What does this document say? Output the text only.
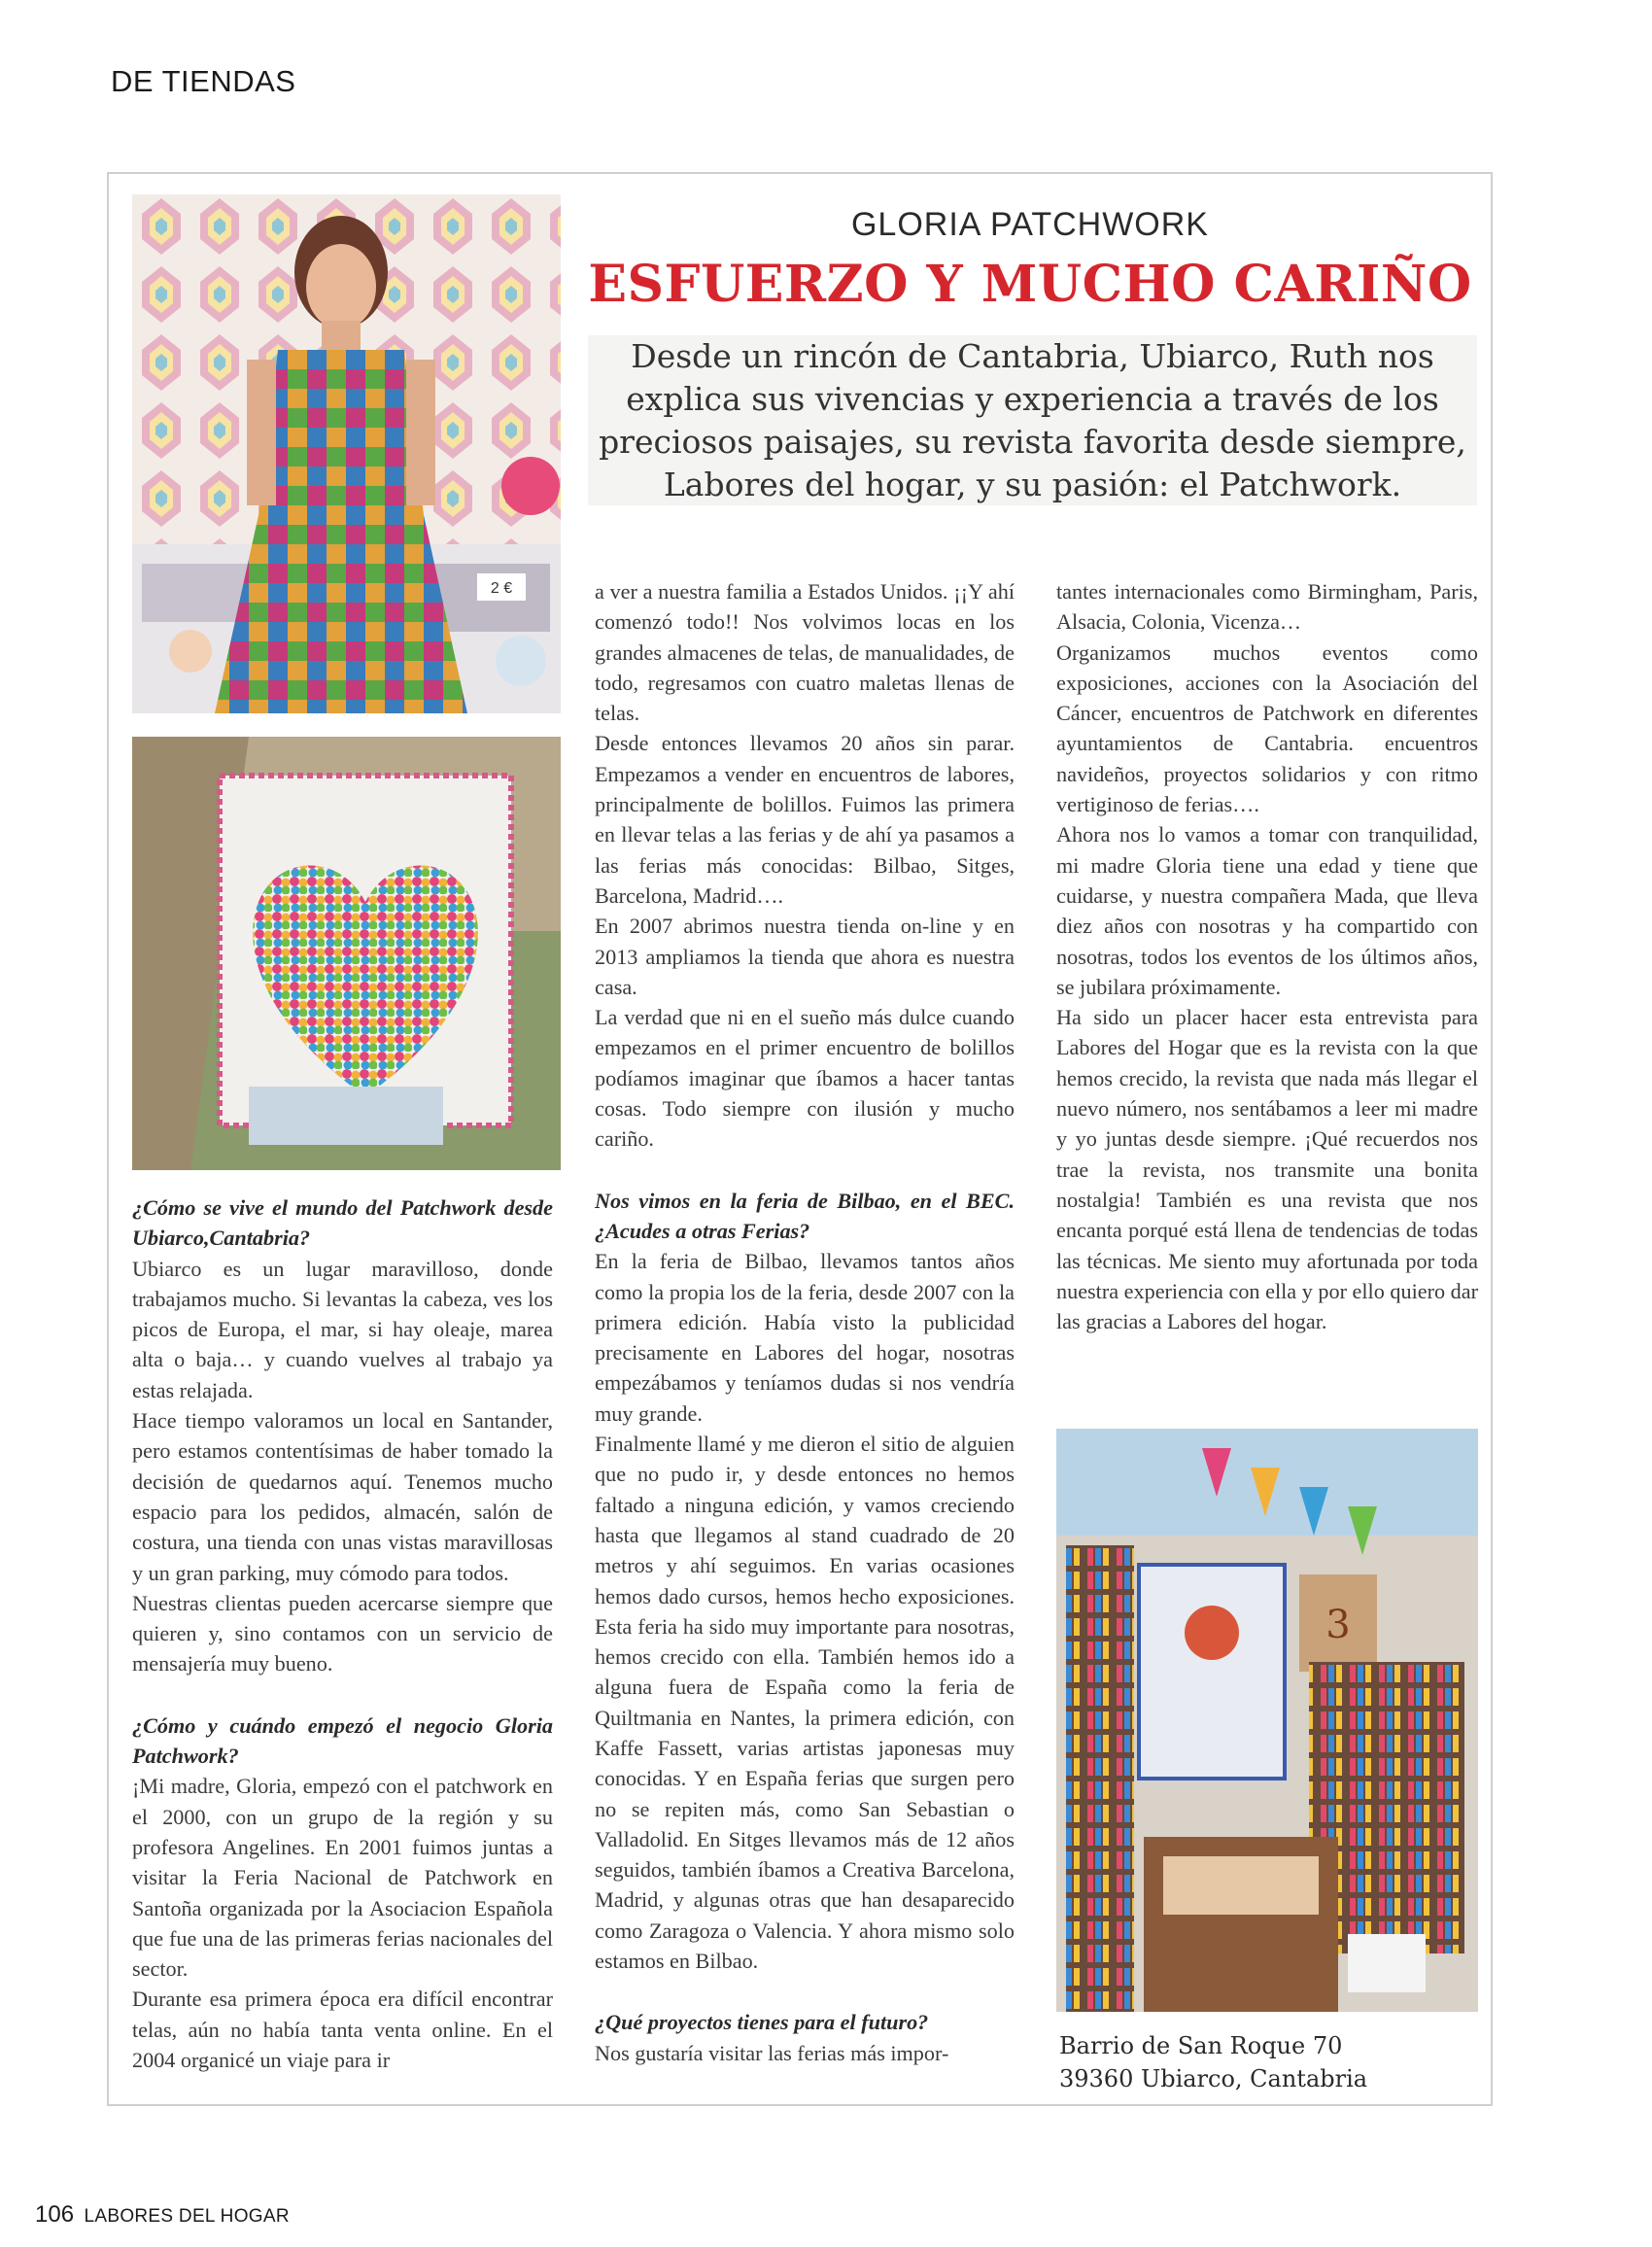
DE TIENDAS
2 €
3
GLORIA PATCHWORK
ESFUERZO Y MUCHO CARIÑO
Desde un rincón de Cantabria, Ubiarco, Ruth nos explica sus vivencias y experiencia a través de los preciosos paisajes, su revista favorita desde siempre, Labores del hogar, y su pasión: el Patchwork.

¿Cómo se vive el mundo del Patchwork desde Ubiarco,Cantabria?

Ubiarco es un lugar maravilloso, donde trabajamos mucho. Si levantas la cabeza, ves los picos de Europa, el mar, si hay oleaje, marea alta o baja… y cuando vuelves al trabajo ya estas relajada.

Hace tiempo valoramos un local en Santander, pero estamos contentísimas de haber tomado la decisión de quedarnos aquí. Tenemos mucho espacio para los pedidos, almacén, salón de costura, una tienda con unas vistas maravillosas y un gran parking, muy cómodo para todos.

Nuestras clientas pueden acercarse siempre que quieren y, sino contamos con un servicio de mensajería muy bueno.

¿Cómo y cuándo empezó el negocio Gloria Patchwork?

¡Mi madre, Gloria, empezó con el patchwork en el 2000, con un grupo de la región y su profesora Angelines. En 2001 fuimos juntas a visitar la Feria Nacional de Patchwork en Santoña organizada por la Asociacion Española que fue una de las primeras ferias nacionales del sector.

Durante esa primera época era difícil encontrar telas, aún no había tanta venta online. En el 2004 organicé un viaje para ir

a ver a nuestra familia a Estados Unidos. ¡¡Y ahí comenzó todo!! Nos volvimos locas en los grandes almacenes de telas, de manualidades, de todo, regresamos con cuatro maletas llenas de telas.

Desde entonces llevamos 20 años sin parar. Empezamos a vender en encuentros de labores, principalmente de bolillos. Fuimos las primera en llevar telas a las ferias y de ahí ya pasamos a las ferias más conocidas: Bilbao, Sitges, Barcelona, Madrid….

En 2007 abrimos nuestra tienda on-line y en 2013 ampliamos la tienda que ahora es nuestra casa.

La verdad que ni en el sueño más dulce cuando empezamos en el primer encuentro de bolillos podíamos imaginar que íbamos a hacer tantas cosas. Todo siempre con ilusión y mucho cariño.

Nos vimos en la feria de Bilbao, en el BEC. ¿Acudes a otras Ferias?

En la feria de Bilbao, llevamos tantos años como la propia los de la feria, desde 2007 con la primera edición. Había visto la publicidad precisamente en Labores del hogar, nosotras empezábamos y teníamos dudas si nos vendría muy grande.

Finalmente llamé y me dieron el sitio de alguien que no pudo ir, y desde entonces no hemos faltado a ninguna edición, y vamos creciendo hasta que llegamos al stand cuadrado de 20 metros y ahí seguimos. En varias ocasiones hemos dado cursos, hemos hecho exposiciones. Esta feria ha sido muy importante para nosotras, hemos crecido con ella. También hemos ido a alguna fuera de España como la feria de Quiltmania en Nantes, la primera edición, con Kaffe Fassett, varias artistas japonesas muy conocidas. Y en España ferias que surgen pero no se repiten más, como San Sebastian o Valladolid. En Sitges llevamos más de 12 años seguidos, también íbamos a Creativa Barcelona, Madrid, y algunas otras que han desaparecido como Zaragoza o Valencia. Y ahora mismo solo estamos en Bilbao.

¿Qué proyectos tienes para el futuro?

Nos gustaría visitar las ferias más impor-

tantes internacionales como Birmingham, Paris, Alsacia, Colonia, Vicenza…

Organizamos muchos eventos como exposiciones, acciones con la Asociación del Cáncer, encuentros de Patchwork en diferentes ayuntamientos de Cantabria. encuentros navideños, proyectos solidarios y con ritmo vertiginoso de ferias….

Ahora nos lo vamos a tomar con tranquilidad, mi madre Gloria tiene una edad y tiene que cuidarse, y nuestra compañera Mada, que lleva diez años con nosotras y ha compartido con nosotras, todos los eventos de los últimos años, se jubilara próximamente.

Ha sido un placer hacer esta entrevista para Labores del Hogar que es la revista con la que hemos crecido, la revista que nada más llegar el nuevo número, nos sentábamos a leer mi madre y yo juntas desde siempre. ¡Qué recuerdos nos trae la revista, nos transmite una bonita nostalgia! También es una revista que nos encanta porqué está llena de tendencias de todas las técnicas. Me siento muy afortunada por toda nuestra experiencia con ella y por ello quiero dar las gracias a Labores del hogar.

Barrio de San Roque 70
39360 Ubiarco, Cantabria
106 LABORES DEL HOGAR
